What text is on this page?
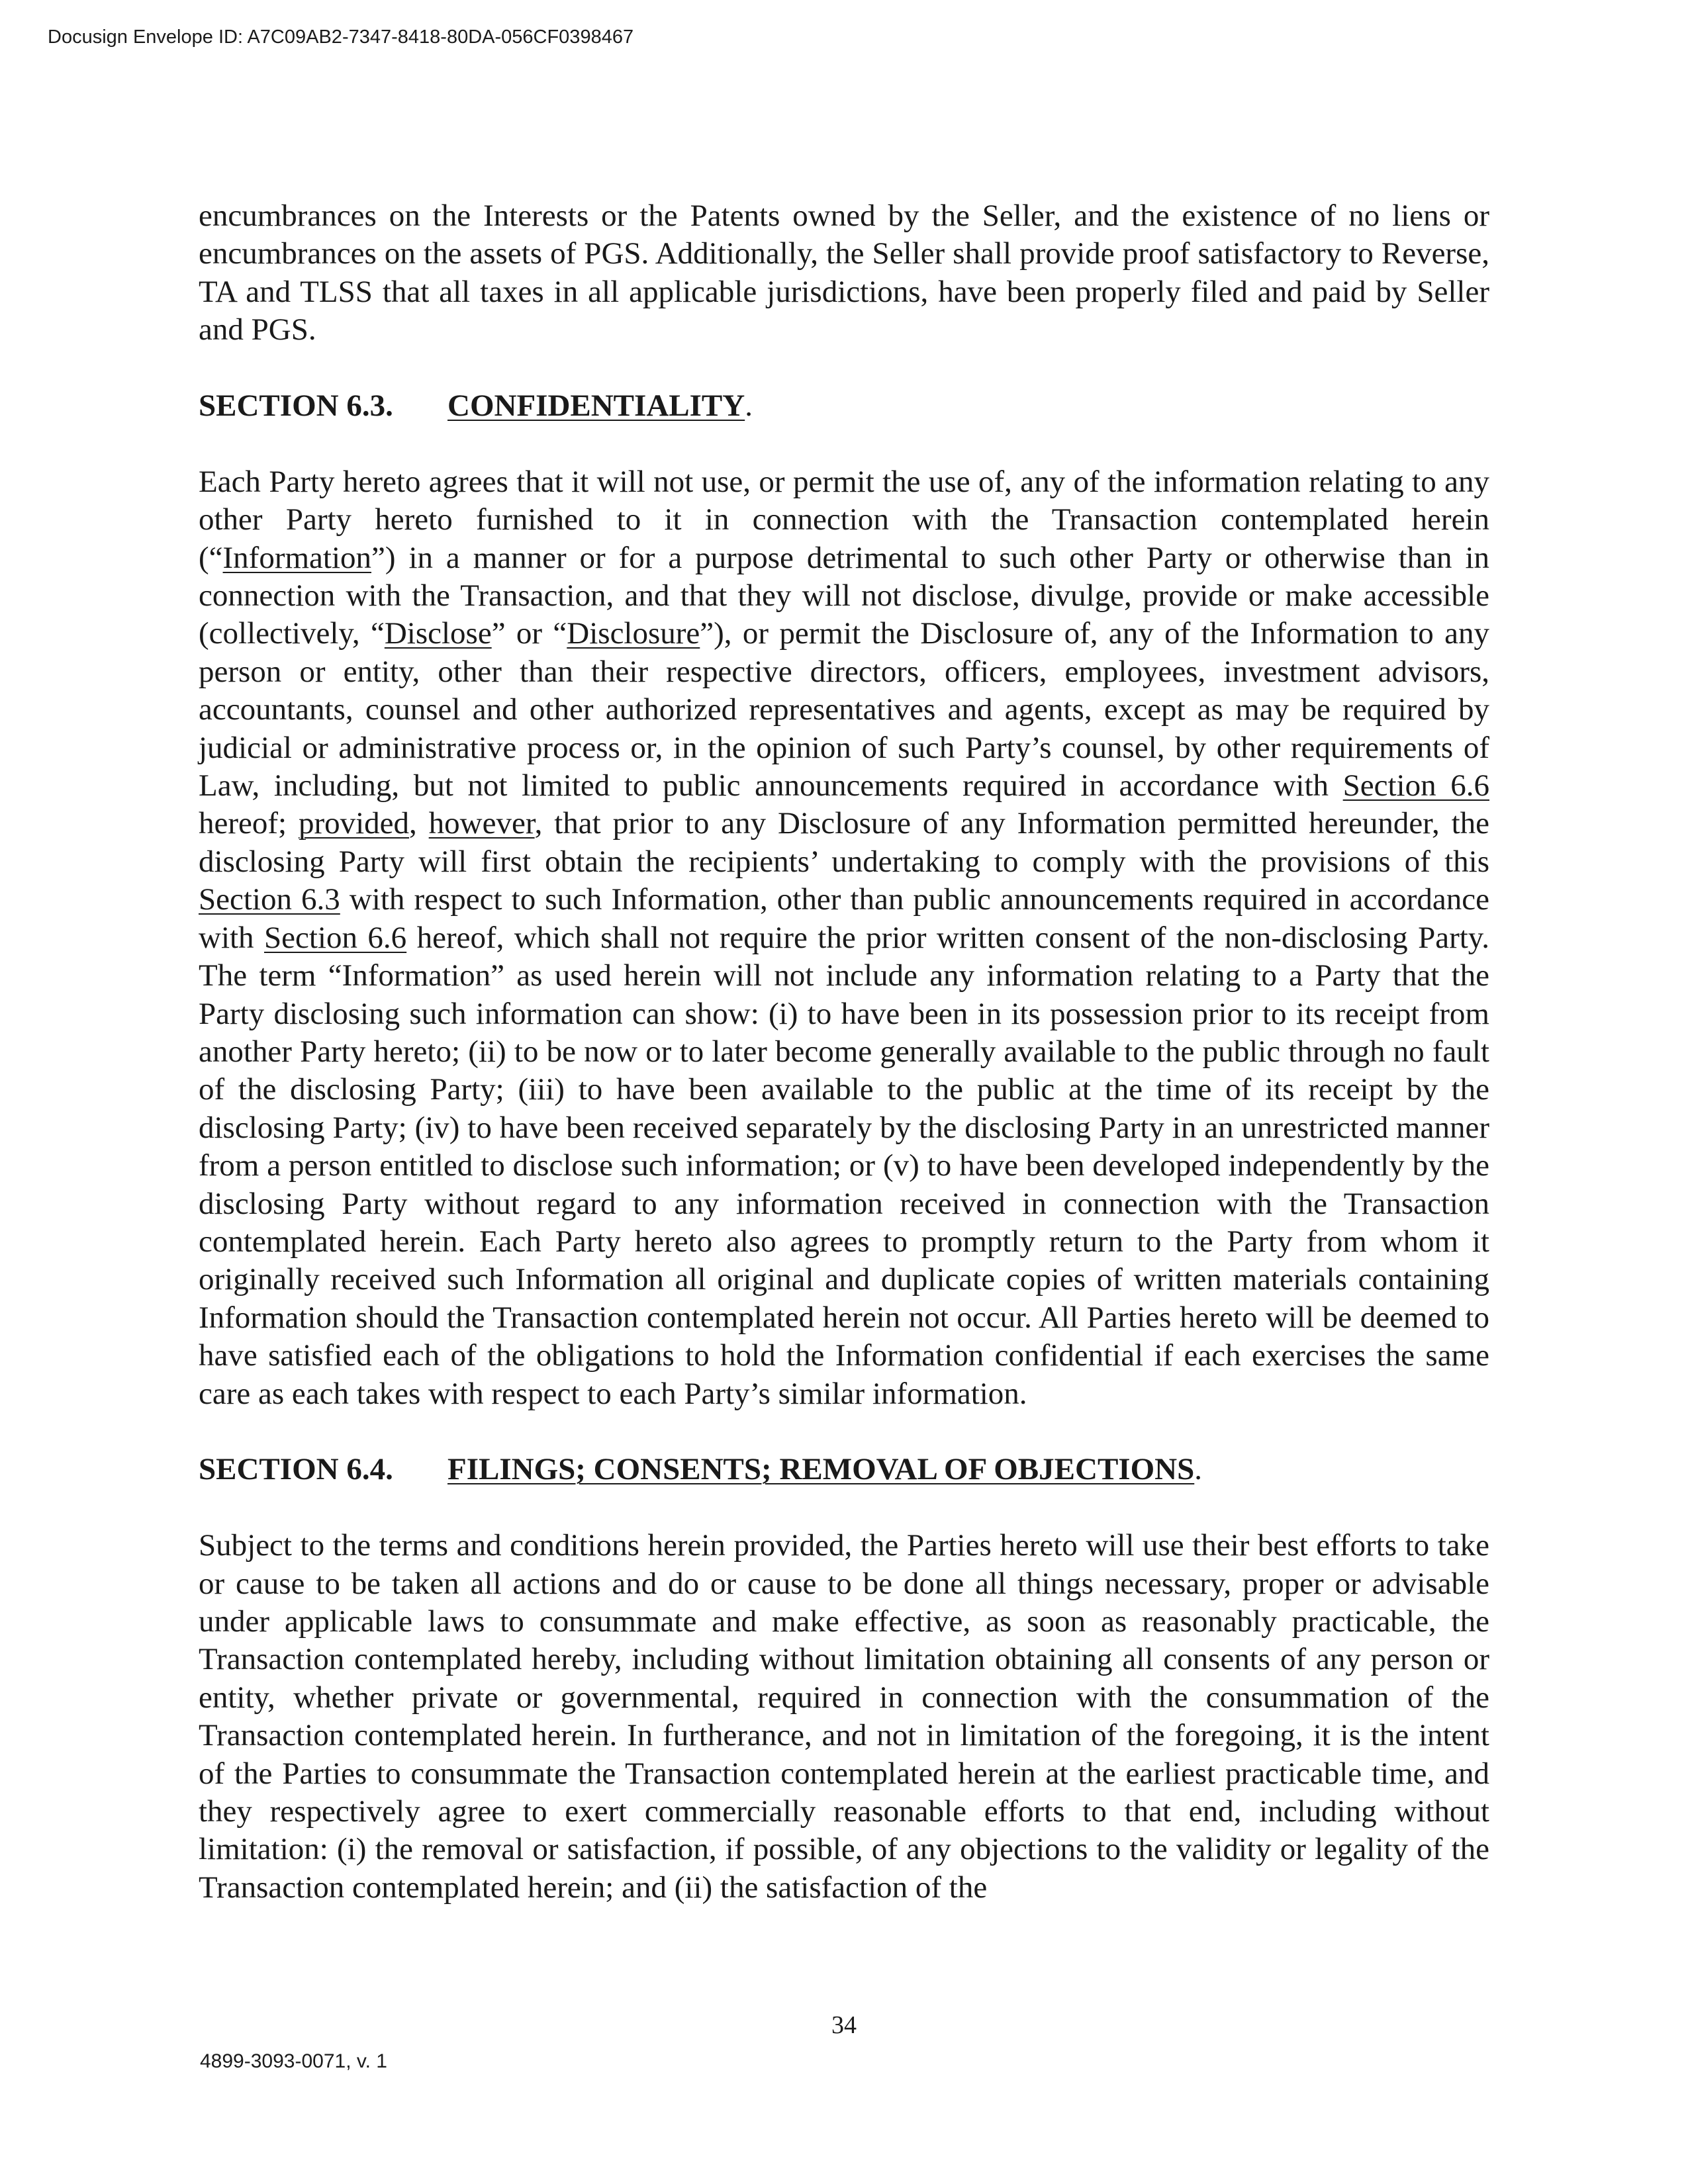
Docusign Envelope ID: A7C09AB2-7347-8418-80DA-056CF0398467

encumbrances on the Interests or the Patents owned by the Seller, and the existence of no liens or encumbrances on the assets of PGS. Additionally, the Seller shall provide proof satisfactory to Reverse, TA and TLSS that all taxes in all applicable jurisdictions, have been properly filed and paid by Seller and PGS.

SECTION 6.3. CONFIDENTIALITY.

Each Party hereto agrees that it will not use, or permit the use of, any of the information relating to any other Party hereto furnished to it in connection with the Transaction contemplated herein (“Information”) in a manner or for a purpose detrimental to such other Party or otherwise than in connection with the Transaction, and that they will not disclose, divulge, provide or make accessible (collectively, “Disclose” or “Disclosure”), or permit the Disclosure of, any of the Information to any person or entity, other than their respective directors, officers, employees, investment advisors, accountants, counsel and other authorized representatives and agents, except as may be required by judicial or administrative process or, in the opinion of such Party’s counsel, by other requirements of Law, including, but not limited to public announcements required in accordance with Section 6.6 hereof; provided, however, that prior to any Disclosure of any Information permitted hereunder, the disclosing Party will first obtain the recipients’ undertaking to comply with the provisions of this Section 6.3 with respect to such Information, other than public announcements required in accordance with Section 6.6 hereof, which shall not require the prior written consent of the non-disclosing Party. The term “Information” as used herein will not include any information relating to a Party that the Party disclosing such information can show: (i) to have been in its possession prior to its receipt from another Party hereto; (ii) to be now or to later become generally available to the public through no fault of the disclosing Party; (iii) to have been available to the public at the time of its receipt by the disclosing Party; (iv) to have been received separately by the disclosing Party in an unrestricted manner from a person entitled to disclose such information; or (v) to have been developed independently by the disclosing Party without regard to any information received in connection with the Transaction contemplated herein. Each Party hereto also agrees to promptly return to the Party from whom it originally received such Information all original and duplicate copies of written materials containing Information should the Transaction contemplated herein not occur. All Parties hereto will be deemed to have satisfied each of the obligations to hold the Information confidential if each exercises the same care as each takes with respect to each Party’s similar information.

SECTION 6.4. FILINGS; CONSENTS; REMOVAL OF OBJECTIONS.

Subject to the terms and conditions herein provided, the Parties hereto will use their best efforts to take or cause to be taken all actions and do or cause to be done all things necessary, proper or advisable under applicable laws to consummate and make effective, as soon as reasonably practicable, the Transaction contemplated hereby, including without limitation obtaining all consents of any person or entity, whether private or governmental, required in connection with the consummation of the Transaction contemplated herein. In furtherance, and not in limitation of the foregoing, it is the intent of the Parties to consummate the Transaction contemplated herein at the earliest practicable time, and they respectively agree to exert commercially reasonable efforts to that end, including without limitation: (i) the removal or satisfaction, if possible, of any objections to the validity or legality of the Transaction contemplated herein; and (ii) the satisfaction of the

34
4899-3093-0071, v. 1
